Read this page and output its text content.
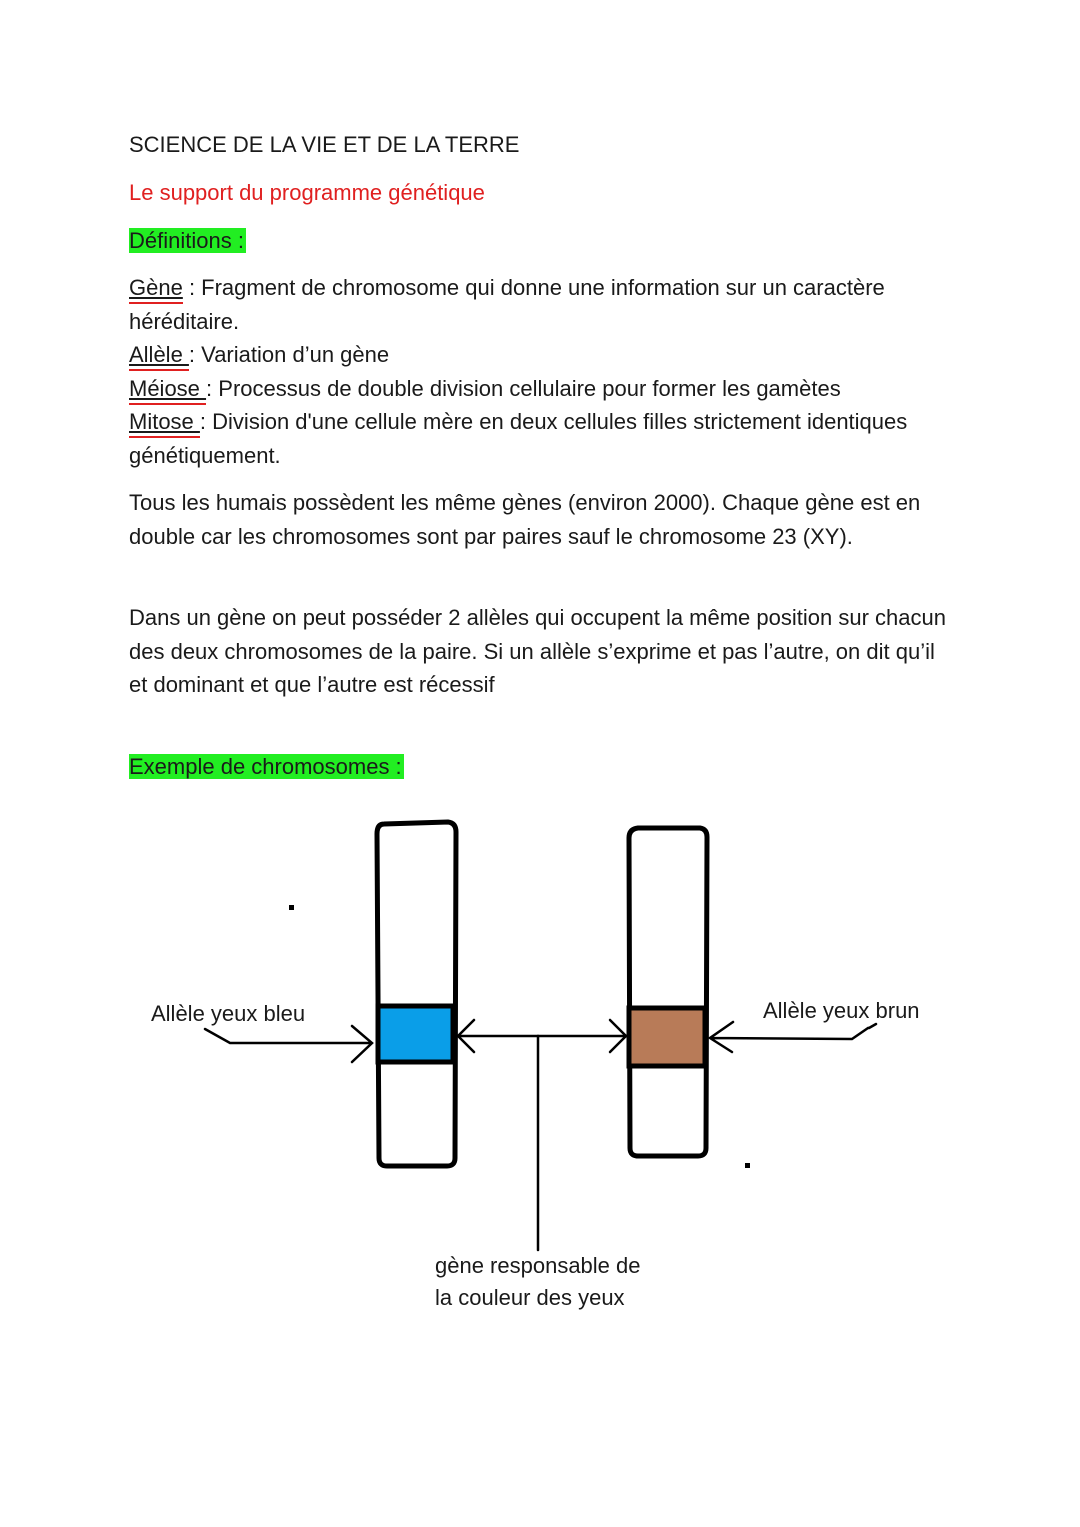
SCIENCE DE LA VIE ET DE LA TERRE
Le support du programme génétique
Définitions :
Gène : Fragment de chromosome qui donne une information sur un caractère héréditaire.
Allèle : Variation d’un gène
Méiose : Processus de double division cellulaire pour former les gamètes
Mitose : Division d'une cellule mère en deux cellules filles strictement identiques génétiquement.
Tous les humais possèdent les même gènes (environ 2000). Chaque gène est en double car les chromosomes sont par paires sauf le chromosome 23 (XY).
Dans un gène on peut posséder 2 allèles qui occupent la même position sur chacun des deux chromosomes de la paire. Si un allèle s’exprime et pas l’autre, on dit qu’il et dominant et que l’autre est récessif
Exemple de chromosomes :
Allèle yeux bleu	Allèle yeux brun
gène responsable de
la couleur des yeux
